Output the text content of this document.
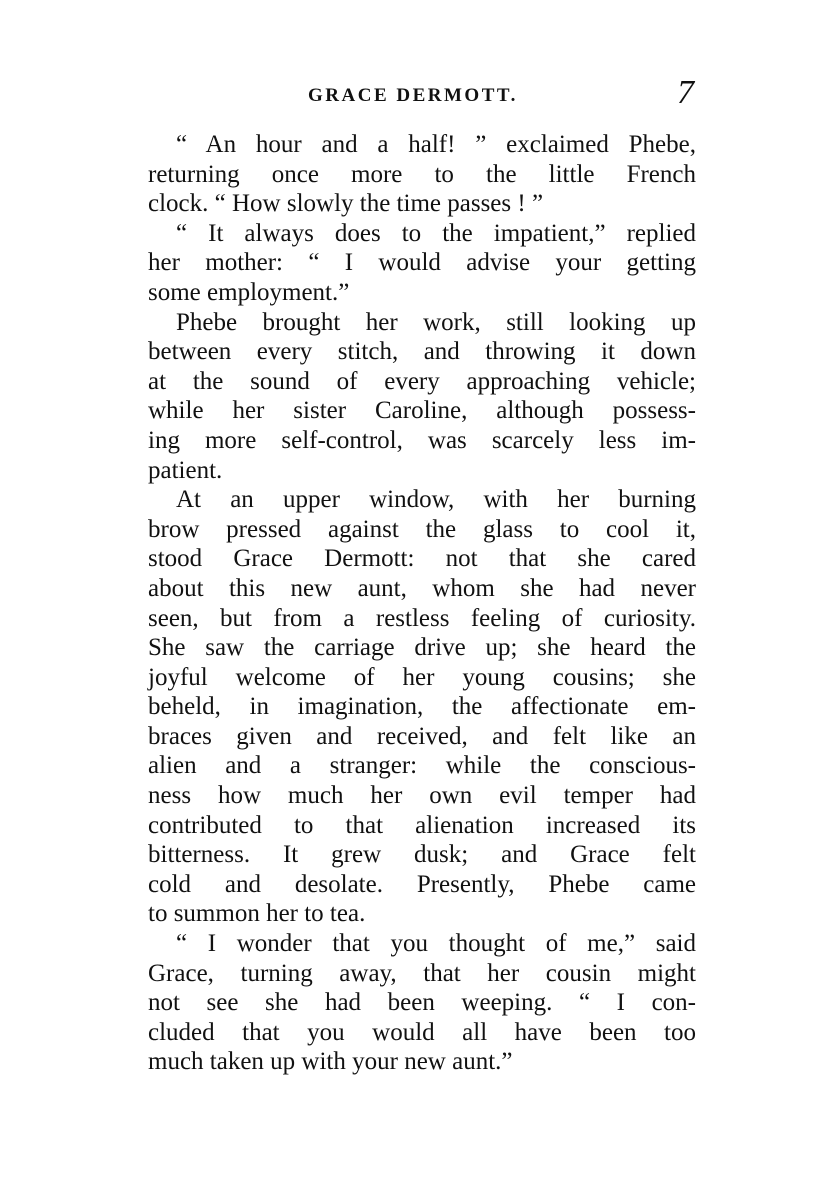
GRACE DERMOTT.	7
“ An hour and a half! ” exclaimed Phebe,
returning once more to the little French
clock. “ How slowly the time passes ! ”
“ It always does to the impatient,” replied
her mother: “ I would advise your getting
some employment.”
Phebe brought her work, still looking up
between every stitch, and throwing it down
at the sound of every approaching vehicle;
while her sister Caroline, although possess-
ing more self-control, was scarcely less im-
patient.
At an upper window, with her burning
brow pressed against the glass to cool it,
stood Grace Dermott: not that she cared
about this new aunt, whom she had never
seen, but from a restless feeling of curiosity.
She saw the carriage drive up; she heard the
joyful welcome of her young cousins; she
beheld, in imagination, the affectionate em-
braces given and received, and felt like an
alien and a stranger: while the conscious-
ness how much her own evil temper had
contributed to that alienation increased its
bitterness. It grew dusk; and Grace felt
cold and desolate. Presently, Phebe came
to summon her to tea.
“ I wonder that you thought of me,” said
Grace, turning away, that her cousin might
not see she had been weeping. “ I con-
cluded that you would all have been too
much taken up with your new aunt.”
